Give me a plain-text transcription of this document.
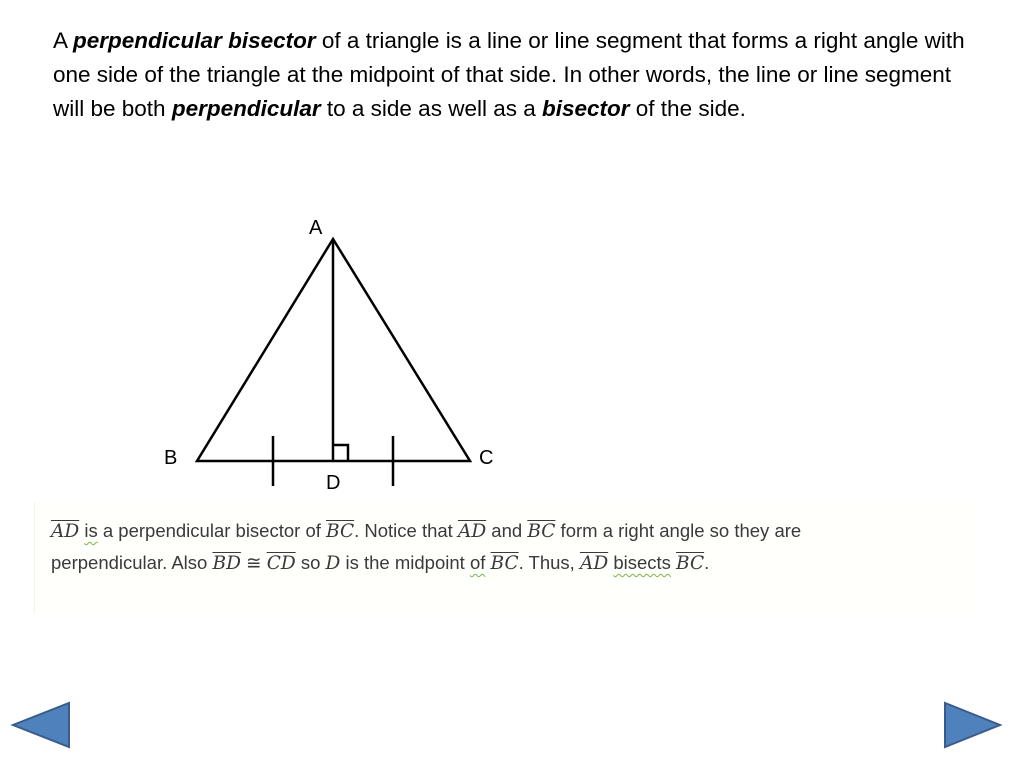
A perpendicular bisector of a triangle is a line or line segment that forms a right angle with one side of the triangle at the midpoint of that side. In other words, the line or line segment will be both perpendicular to a side as well as a bisector of the side.
A
B	C
D
$\overline{AD}$ is a perpendicular bisector of $\overline{BC}$. Notice that $\overline{AD}$ and $\overline{BC}$ form a right angle so they are
perpendicular. Also $\overline{BD}$ ≅ $\overline{CD}$ so D is the midpoint of $\overline{BC}$. Thus, $\overline{AD}$ bisects $\overline{BC}$.
